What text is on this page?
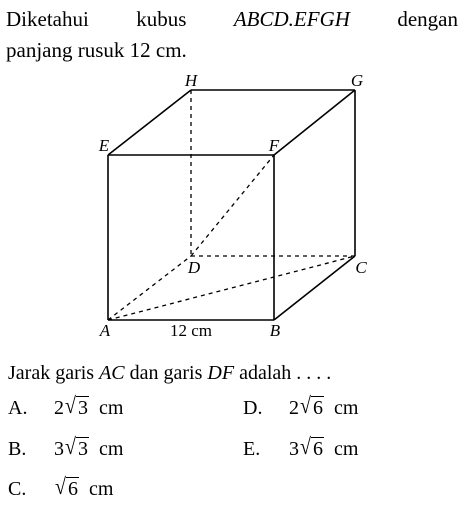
Diketahui kubus ABCD.EFGH dengan
panjang rusuk 12 cm.
H	G
E	F
D	C
A	B
12 cm
Jarak garis AC dan garis DF adalah . . . .
A. 2√ 3 cm
B. 3√ 3 cm
C. √ 6 cm
D. 2√ 6 cm
E. 3√ 6 cm
